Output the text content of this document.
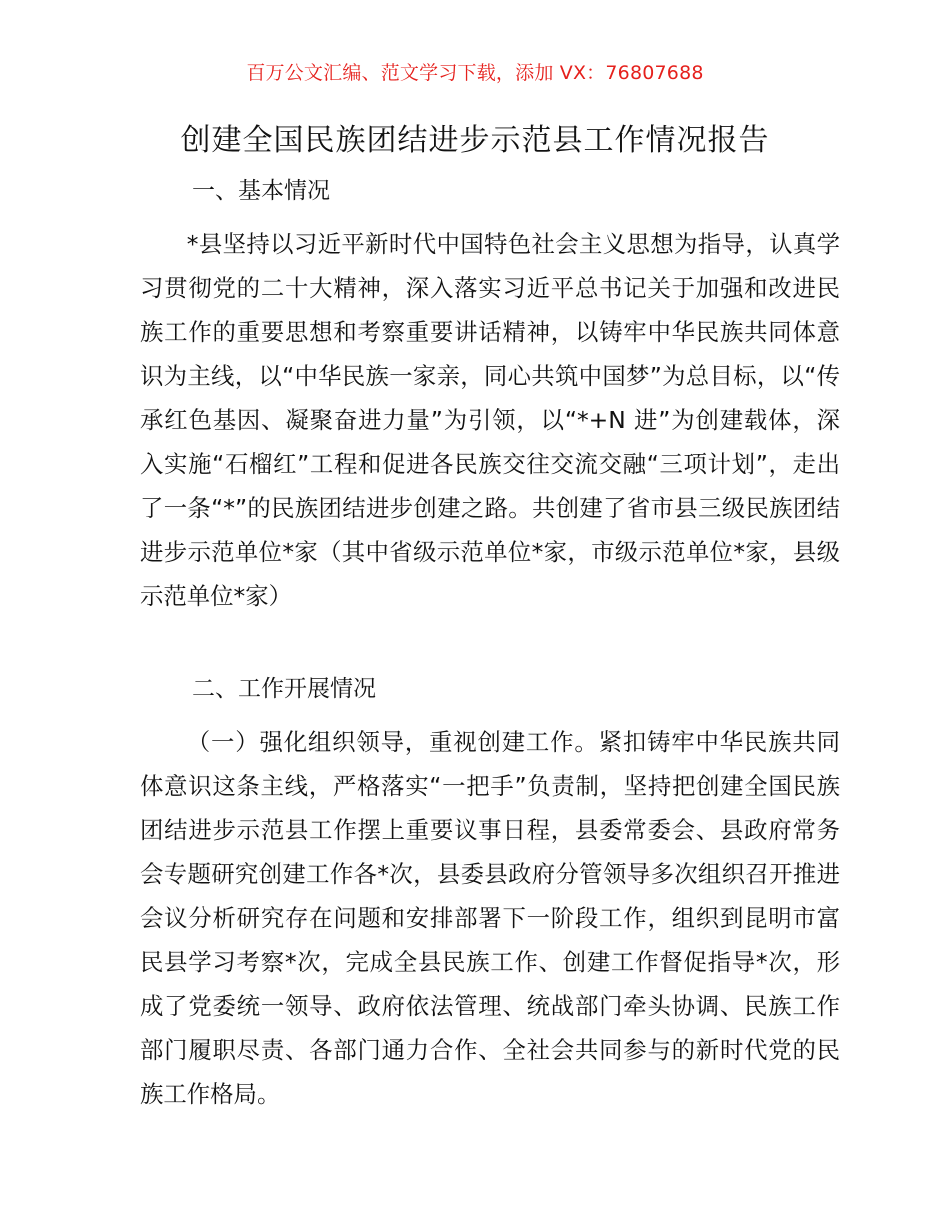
百万公文汇编、范文学习下载，添加 VX：76807688
创建全国民族团结进步示范县工作情况报告
一、基本情况
*县坚持以习近平新时代中国特色社会主义思想为指导，认真学习贯彻党的二十大精神，深入落实习近平总书记关于加强和改进民族工作的重要思想和考察重要讲话精神，以铸牢中华民族共同体意识为主线，以“中华民族一家亲，同心共筑中国梦”为总目标，以“传承红色基因、凝聚奋进力量”为引领，以“*+N 进”为创建载体，深入实施“石榴红”工程和促进各民族交往交流交融“三项计划”，走出了一条“*”的民族团结进步创建之路。共创建了省市县三级民族团结进步示范单位*家（其中省级示范单位*家，市级示范单位*家，县级示范单位*家）
二、工作开展情况
（一）强化组织领导，重视创建工作。紧扣铸牢中华民族共同体意识这条主线，严格落实“一把手”负责制，坚持把创建全国民族团结进步示范县工作摆上重要议事日程，县委常委会、县政府常务会专题研究创建工作各*次，县委县政府分管领导多次组织召开推进会议分析研究存在问题和安排部署下一阶段工作，组织到昆明市富民县学习考察*次，完成全县民族工作、创建工作督促指导*次，形成了党委统一领导、政府依法管理、统战部门牵头协调、民族工作部门履职尽责、各部门通力合作、全社会共同参与的新时代党的民族工作格局。
